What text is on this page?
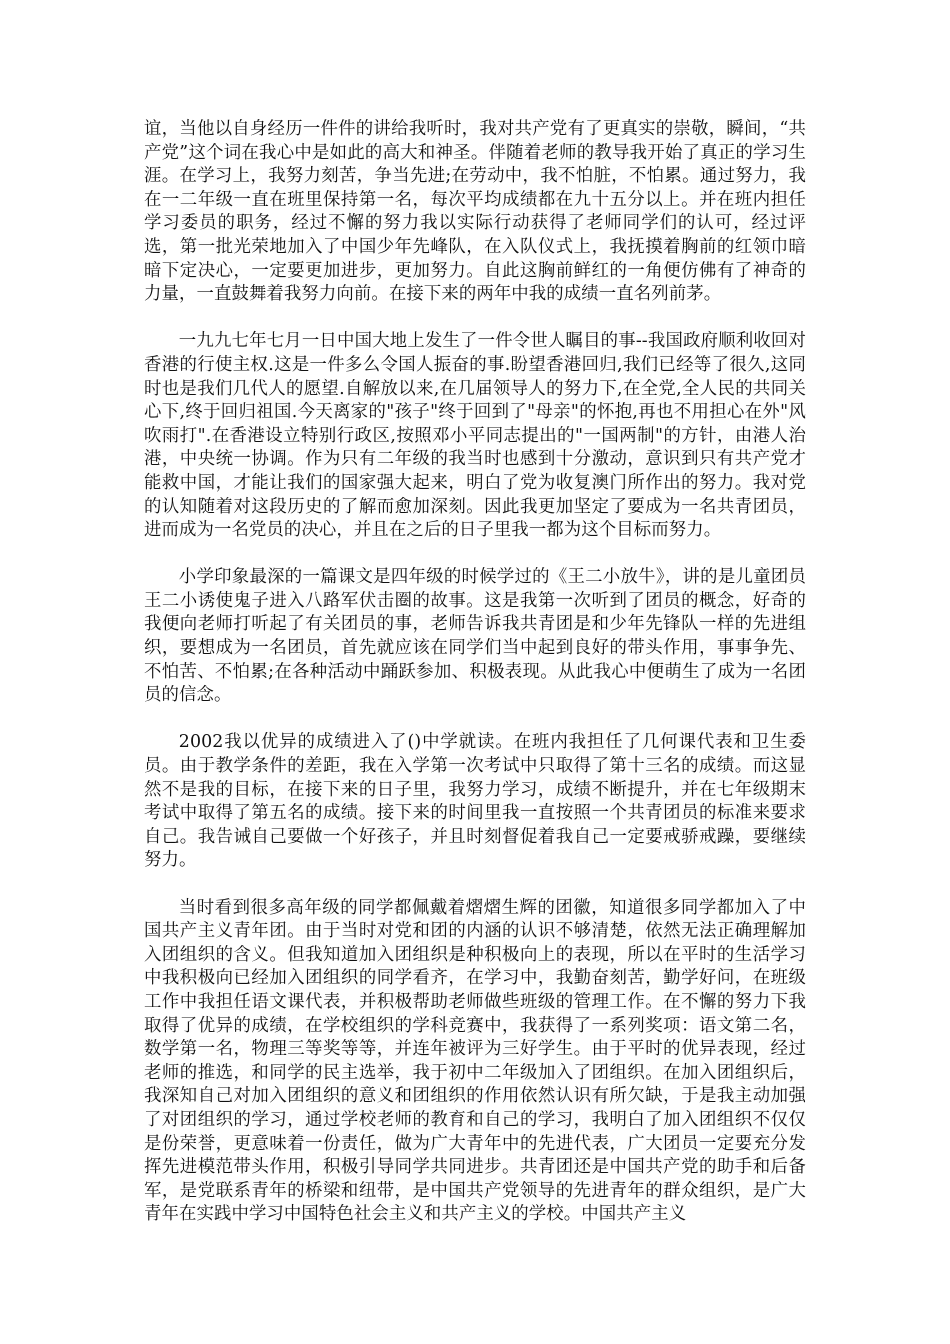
谊，当他以自身经历一件件的讲给我听时，我对共产党有了更真实的崇敬，瞬间，“共产党”这个词在我心中是如此的高大和神圣。伴随着老师的教导我开始了真正的学习生涯。在学习上，我努力刻苦，争当先进;在劳动中，我不怕脏，不怕累。通过努力，我在一二年级一直在班里保持第一名，每次平均成绩都在九十五分以上。并在班内担任学习委员的职务，经过不懈的努力我以实际行动获得了老师同学们的认可，经过评选，第一批光荣地加入了中国少年先峰队，在入队仪式上，我抚摸着胸前的红领巾暗暗下定决心，一定要更加进步，更加努力。自此这胸前鲜红的一角便仿佛有了神奇的力量，一直鼓舞着我努力向前。在接下来的两年中我的成绩一直名列前茅。

一九九七年七月一日中国大地上发生了一件令世人瞩目的事--我国政府顺利收回对香港的行使主权.这是一件多么令国人振奋的事.盼望香港回归,我们已经等了很久,这同时也是我们几代人的愿望.自解放以来,在几届领导人的努力下,在全党,全人民的共同关心下,终于回归祖国.今天离家的"孩子"终于回到了"母亲"的怀抱,再也不用担心在外"风吹雨打".在香港设立特别行政区,按照邓小平同志提出的"一国两制"的方针，由港人治港，中央统一协调。作为只有二年级的我当时也感到十分激动，意识到只有共产党才能救中国，才能让我们的国家强大起来，明白了党为收复澳门所作出的努力。我对党的认知随着对这段历史的了解而愈加深刻。因此我更加坚定了要成为一名共青团员，进而成为一名党员的决心，并且在之后的日子里我一都为这个目标而努力。

小学印象最深的一篇课文是四年级的时候学过的《王二小放牛》，讲的是儿童团员王二小诱使鬼子进入八路军伏击圈的故事。这是我第一次听到了团员的概念，好奇的我便向老师打听起了有关团员的事，老师告诉我共青团是和少年先锋队一样的先进组织，要想成为一名团员，首先就应该在同学们当中起到良好的带头作用，事事争先、不怕苦、不怕累;在各种活动中踊跃参加、积极表现。从此我心中便萌生了成为一名团员的信念。

2002我以优异的成绩进入了()中学就读。在班内我担任了几何课代表和卫生委员。由于教学条件的差距，我在入学第一次考试中只取得了第十三名的成绩。而这显然不是我的目标，在接下来的日子里，我努力学习，成绩不断提升，并在七年级期末考试中取得了第五名的成绩。接下来的时间里我一直按照一个共青团员的标准来要求自己。我告诫自己要做一个好孩子，并且时刻督促着我自己一定要戒骄戒躁，要继续努力。

当时看到很多高年级的同学都佩戴着熠熠生辉的团徽，知道很多同学都加入了中国共产主义青年团。由于当时对党和团的内涵的认识不够清楚，依然无法正确理解加入团组织的含义。但我知道加入团组织是种积极向上的表现，所以在平时的生活学习中我积极向已经加入团组织的同学看齐，在学习中，我勤奋刻苦，勤学好问，在班级工作中我担任语文课代表，并积极帮助老师做些班级的管理工作。在不懈的努力下我取得了优异的成绩，在学校组织的学科竞赛中，我获得了一系列奖项：语文第二名，数学第一名，物理三等奖等等，并连年被评为三好学生。由于平时的优异表现，经过老师的推选，和同学的民主选举，我于初中二年级加入了团组织。在加入团组织后，我深知自己对加入团组织的意义和团组织的作用依然认识有所欠缺，于是我主动加强了对团组织的学习，通过学校老师的教育和自己的学习，我明白了加入团组织不仅仅是份荣誉，更意味着一份责任，做为广大青年中的先进代表，广大团员一定要充分发挥先进模范带头作用，积极引导同学共同进步。共青团还是中国共产党的助手和后备军，是党联系青年的桥梁和纽带，是中国共产党领导的先进青年的群众组织，是广大青年在实践中学习中国特色社会主义和共产主义的学校。中国共产主义
